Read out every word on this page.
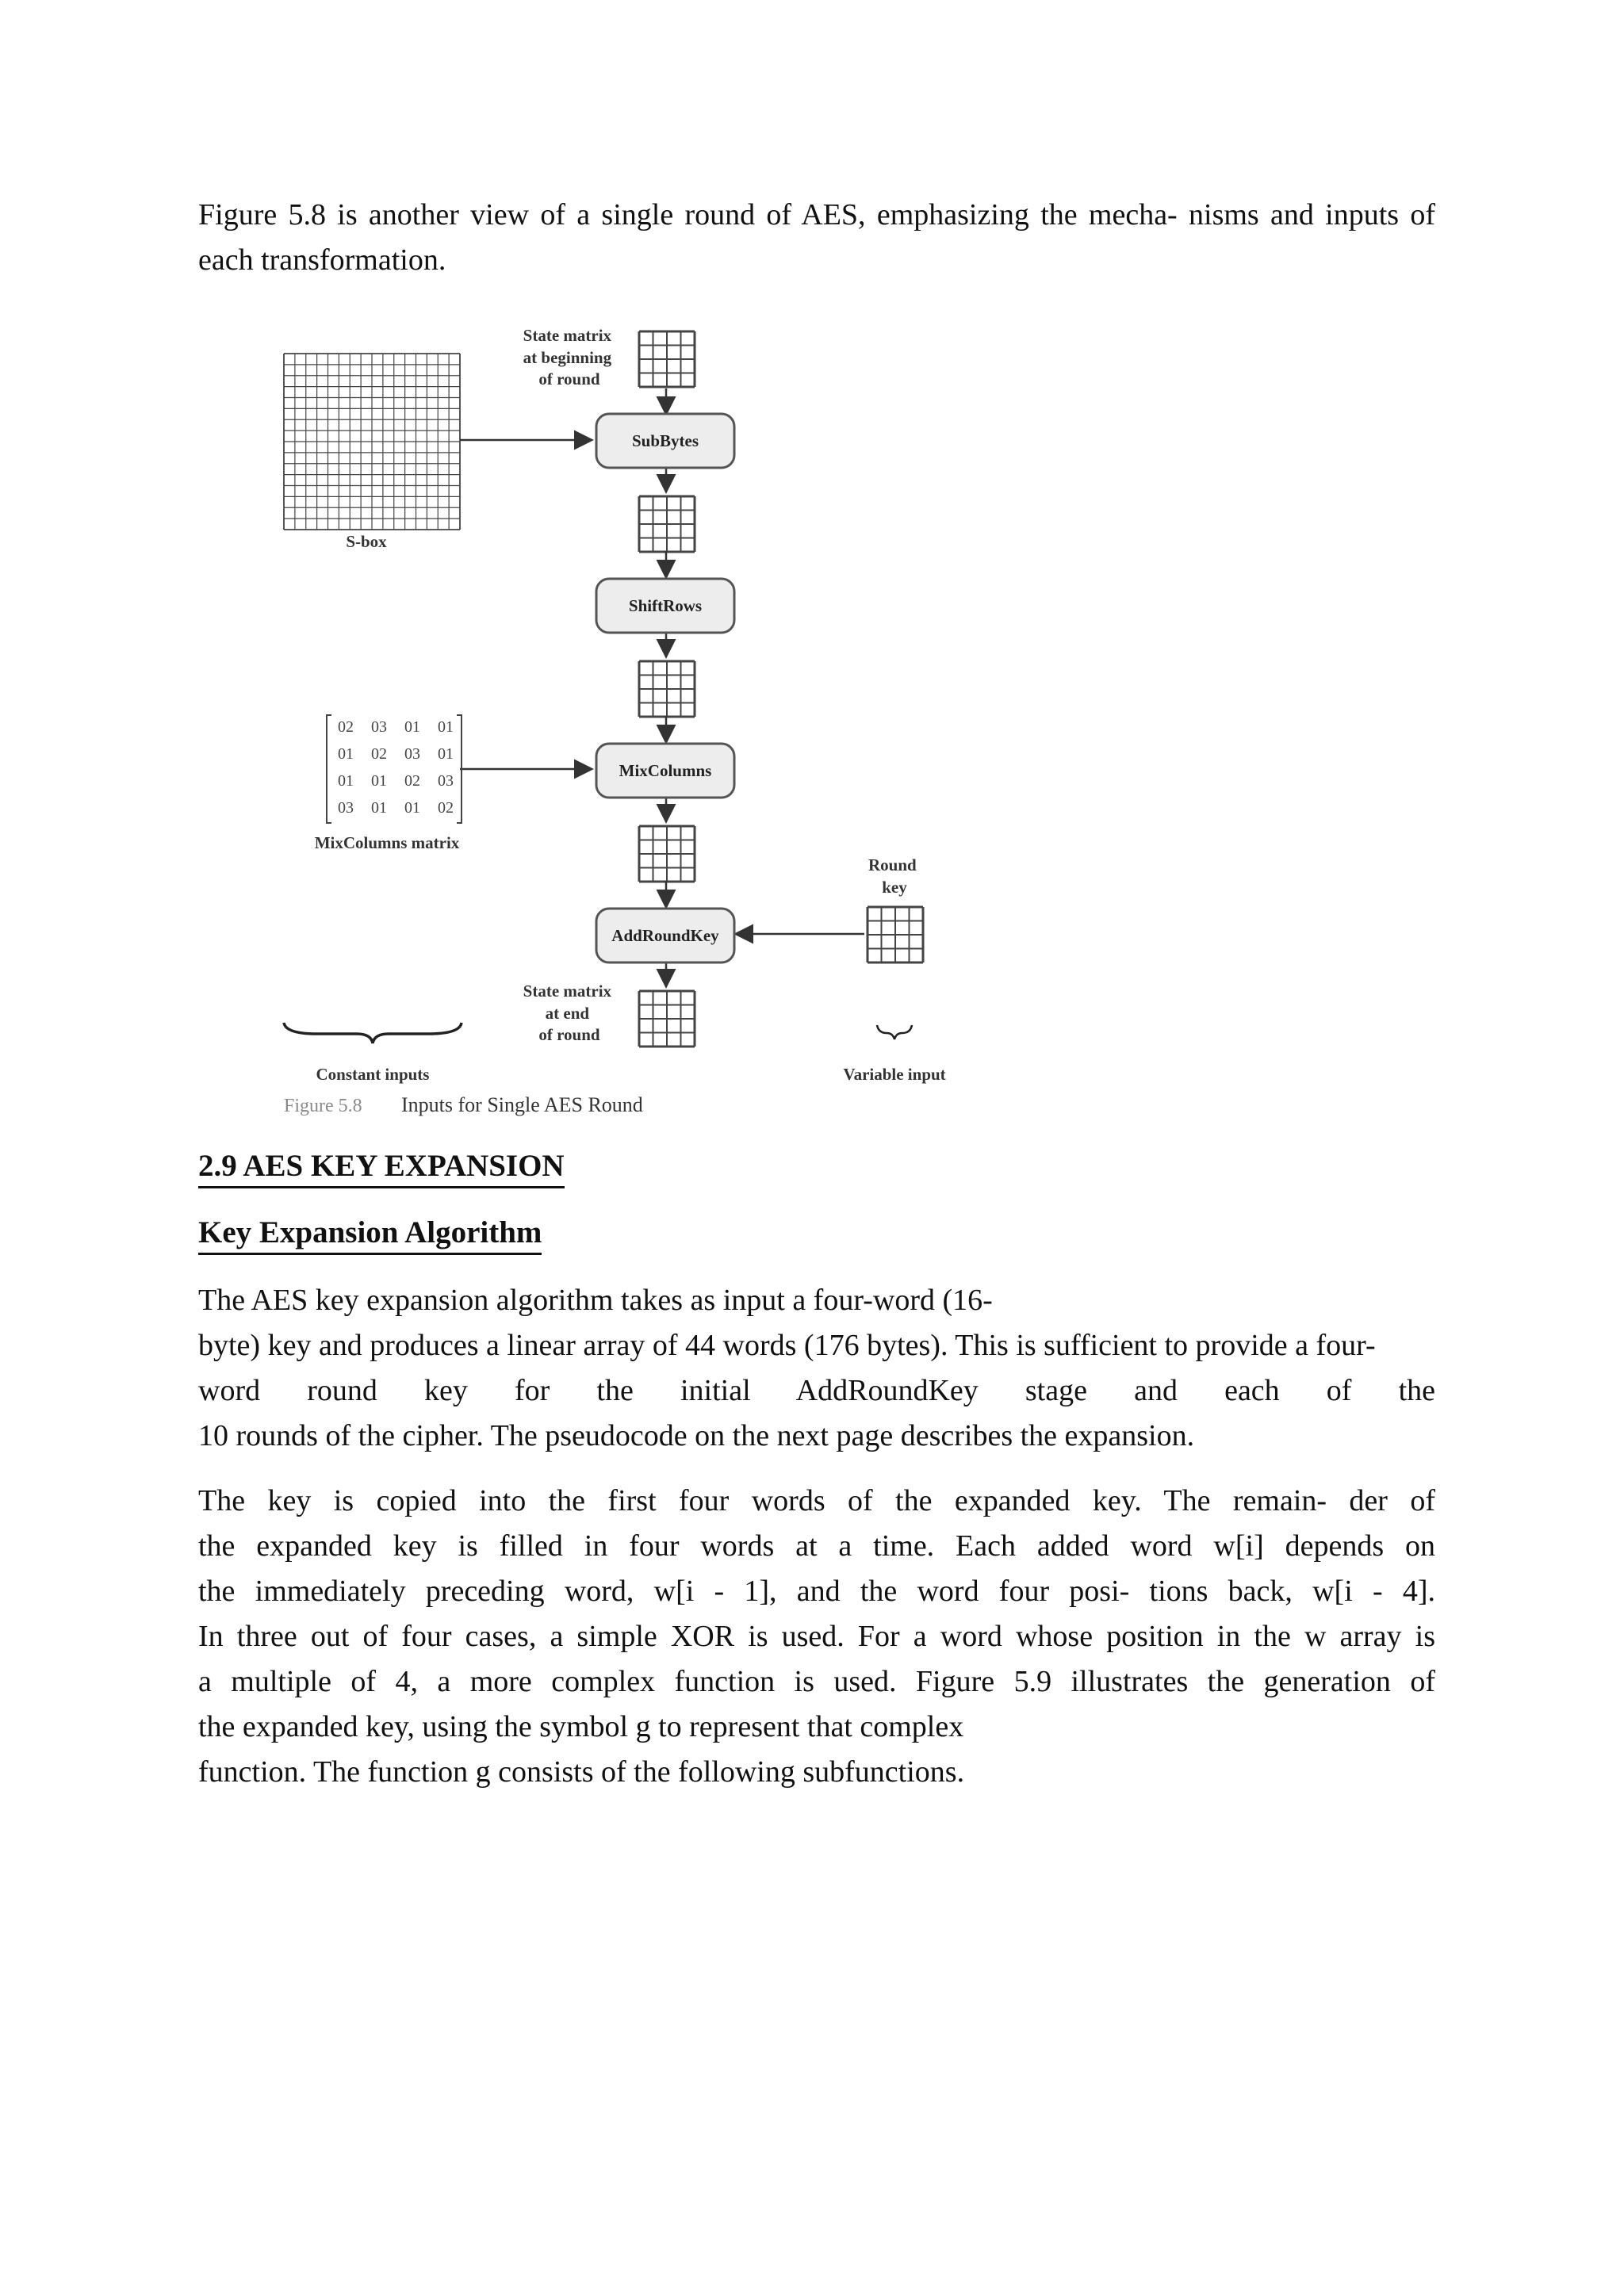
Figure 5.8 is another view of a single round of AES, emphasizing the mecha- nisms and inputs of
each transformation.

S-box
State matrix at beginning of round
SubBytes
ShiftRows
MixColumns
AddRoundKey
02 03 01 01
01 02 03 01
01 01 02 03
03 01 01 02
MixColumns matrix
Round key
State matrix at end of round
Constant inputs	Variable input
Figure 5.8 Inputs for Single AES Round
2.9 AES KEY EXPANSION
Key Expansion Algorithm

The AES key expansion algorithm takes as input a four-word (16-
byte) key and produces a linear array of 44 words (176 bytes). This is sufficient to provide a four-
word round key for the initial AddRoundKey stage and each of the
10 rounds of the cipher. The pseudocode on the next page describes the expansion.

The key is copied into the first four words of the expanded key. The remain- der of
the expanded key is filled in four words at a time. Each added word w[i] depends on
the immediately preceding word, w[i - 1], and the word four posi- tions back, w[i - 4].
In three out of four cases, a simple XOR is used. For a word whose position in the w array is
a multiple of 4, a more complex function is used. Figure 5.9 illustrates the generation of
the expanded key, using the symbol g to represent that complex
function. The function g consists of the following subfunctions.
